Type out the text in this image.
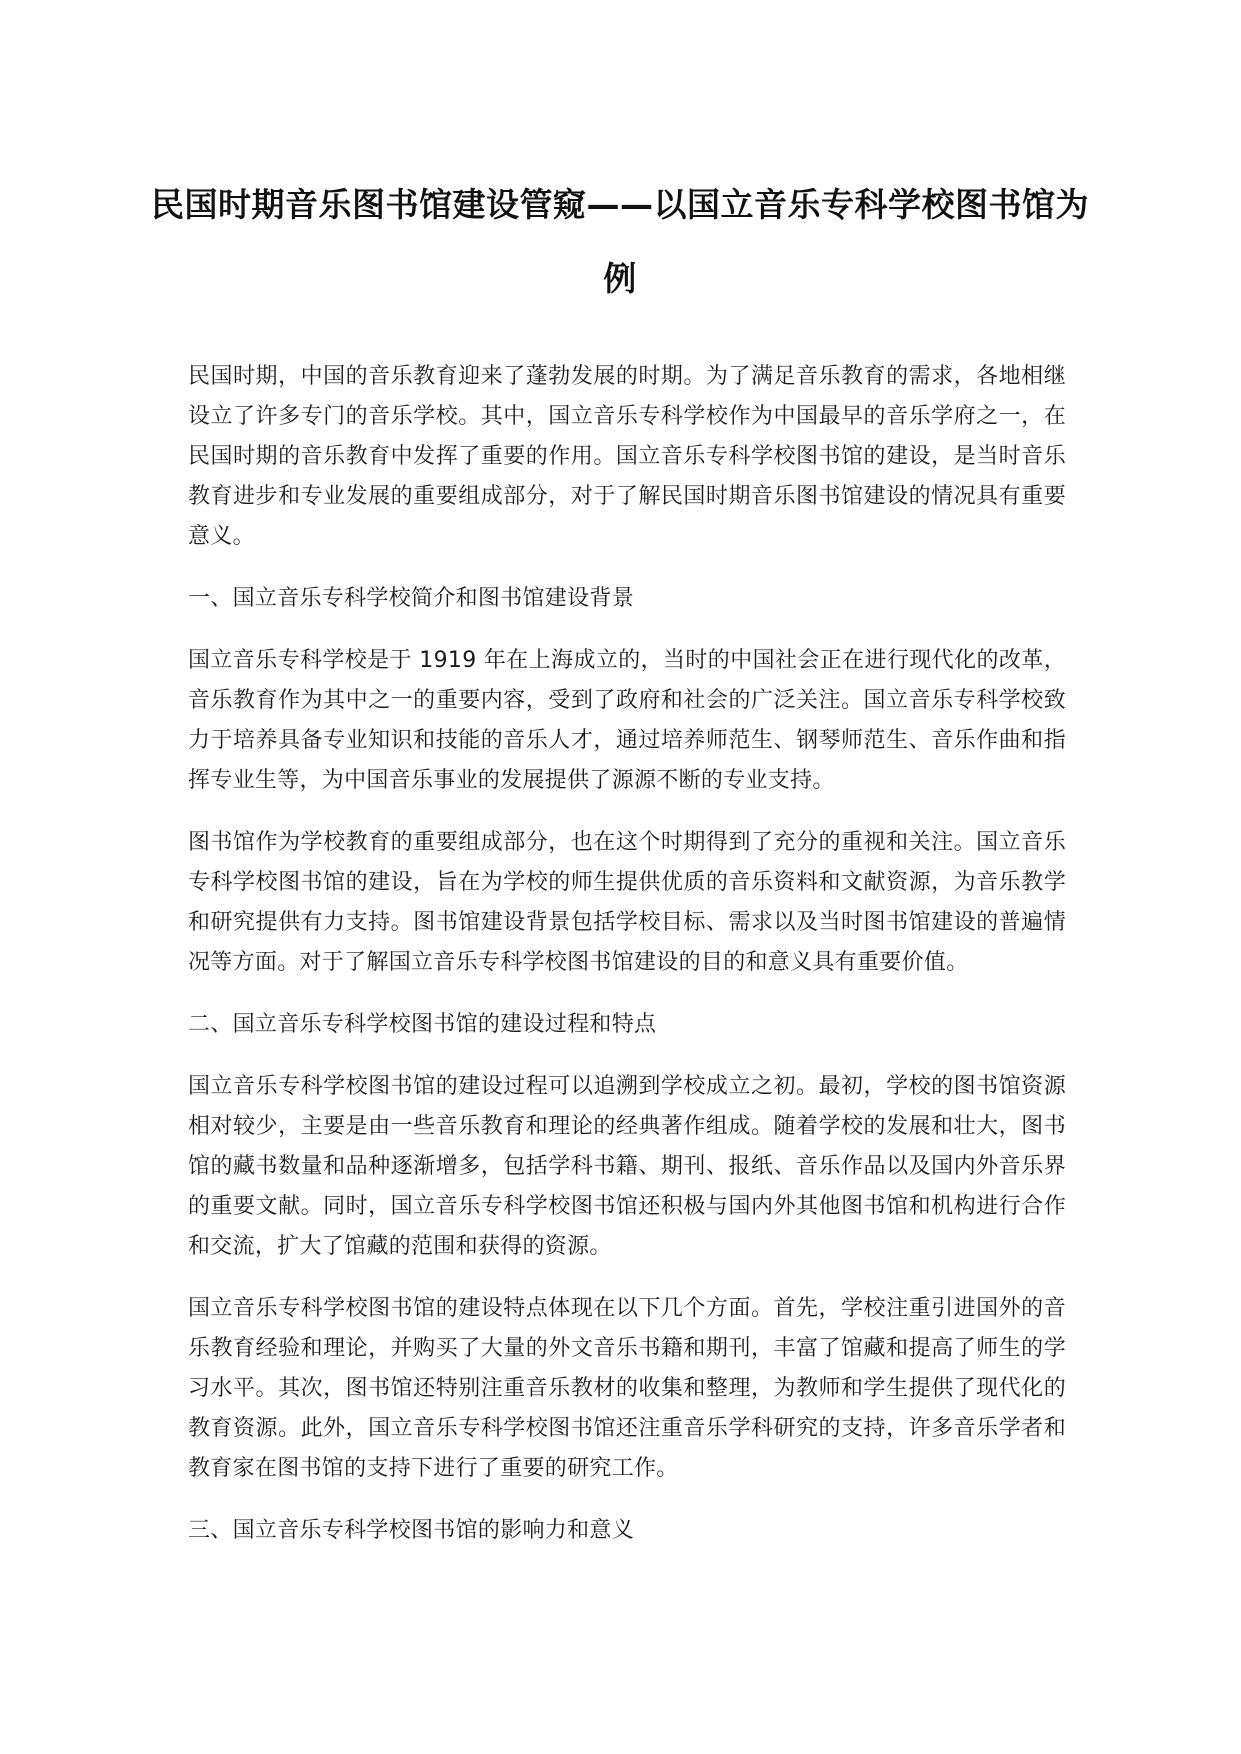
民国时期音乐图书馆建设管窥——以国立音乐专科学校图书馆为例

民国时期，中国的音乐教育迎来了蓬勃发展的时期。为了满足音乐教育的需求，各地相继设立了许多专门的音乐学校。其中，国立音乐专科学校作为中国最早的音乐学府之一，在民国时期的音乐教育中发挥了重要的作用。国立音乐专科学校图书馆的建设，是当时音乐教育进步和专业发展的重要组成部分，对于了解民国时期音乐图书馆建设的情况具有重要意义。

一、国立音乐专科学校简介和图书馆建设背景

国立音乐专科学校是于 1919 年在上海成立的，当时的中国社会正在进行现代化的改革，音乐教育作为其中之一的重要内容，受到了政府和社会的广泛关注。国立音乐专科学校致力于培养具备专业知识和技能的音乐人才，通过培养师范生、钢琴师范生、音乐作曲和指挥专业生等，为中国音乐事业的发展提供了源源不断的专业支持。

图书馆作为学校教育的重要组成部分，也在这个时期得到了充分的重视和关注。国立音乐专科学校图书馆的建设，旨在为学校的师生提供优质的音乐资料和文献资源，为音乐教学和研究提供有力支持。图书馆建设背景包括学校目标、需求以及当时图书馆建设的普遍情况等方面。对于了解国立音乐专科学校图书馆建设的目的和意义具有重要价值。

二、国立音乐专科学校图书馆的建设过程和特点

国立音乐专科学校图书馆的建设过程可以追溯到学校成立之初。最初，学校的图书馆资源相对较少，主要是由一些音乐教育和理论的经典著作组成。随着学校的发展和壮大，图书馆的藏书数量和品种逐渐增多，包括学科书籍、期刊、报纸、音乐作品以及国内外音乐界的重要文献。同时，国立音乐专科学校图书馆还积极与国内外其他图书馆和机构进行合作和交流，扩大了馆藏的范围和获得的资源。

国立音乐专科学校图书馆的建设特点体现在以下几个方面。首先，学校注重引进国外的音乐教育经验和理论，并购买了大量的外文音乐书籍和期刊，丰富了馆藏和提高了师生的学习水平。其次，图书馆还特别注重音乐教材的收集和整理，为教师和学生提供了现代化的教育资源。此外，国立音乐专科学校图书馆还注重音乐学科研究的支持，许多音乐学者和教育家在图书馆的支持下进行了重要的研究工作。

三、国立音乐专科学校图书馆的影响力和意义
